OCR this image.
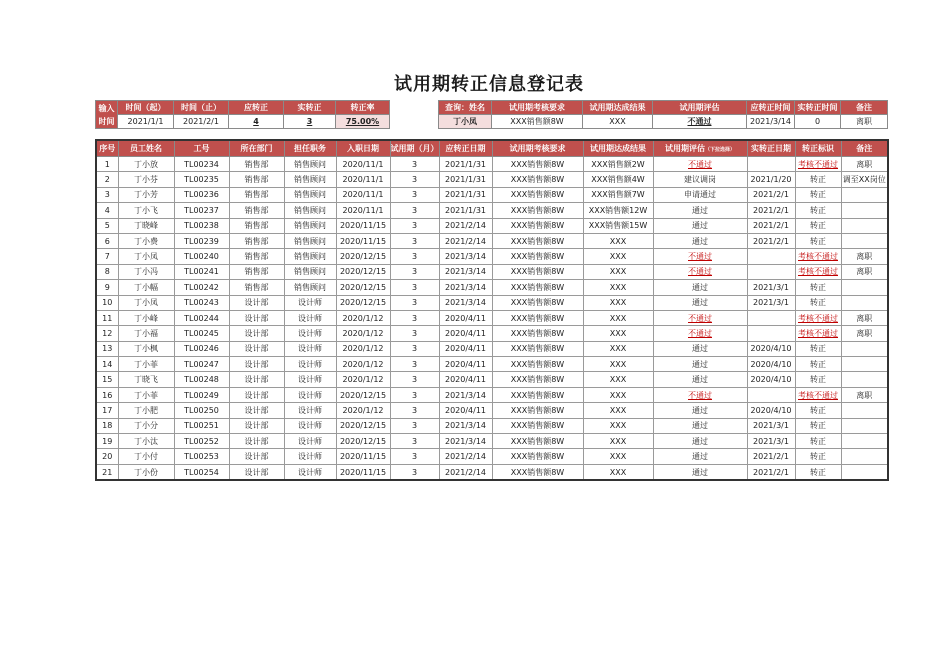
试用期转正信息登记表
输入时间	时间（起）	时间（止）	应转正	实转正	转正率		查询：姓名	试用期考核要求	试用期达成结果	试用期评估	应转正时间	实转正时间	备注
	2021/1/1	2021/2/1	4	3	75.00%		丁小凤	XXX销售额8W	XXX	不通过	2021/3/14	0	离职
序号	员工姓名	工号	所在部门	担任职务	入职日期	试用期（月）	应转正日期	试用期考核要求	试用期达成结果	试用期评估（下拉选择）	实转正日期	转正标识	备注
1	丁小放	TL00234	销售部	销售顾问	2020/11/1	3	2021/1/31	XXX销售额8W	XXX销售额2W	不通过		考核不通过	离职
2	丁小芬	TL00235	销售部	销售顾问	2020/11/1	3	2021/1/31	XXX销售额8W	XXX销售额4W	建议调岗	2021/1/20	转正	调至XX岗位
3	丁小芳	TL00236	销售部	销售顾问	2020/11/1	3	2021/1/31	XXX销售额8W	XXX销售额7W	申请通过	2021/2/1	转正	
4	丁小飞	TL00237	销售部	销售顾问	2020/11/1	3	2021/1/31	XXX销售额8W	XXX销售额12W	通过	2021/2/1	转正	
5	丁晓峰	TL00238	销售部	销售顾问	2020/11/15	3	2021/2/14	XXX销售额8W	XXX销售额15W	通过	2021/2/1	转正	
6	丁小费	TL00239	销售部	销售顾问	2020/11/15	3	2021/2/14	XXX销售额8W	XXX	通过	2021/2/1	转正	
7	丁小凤	TL00240	销售部	销售顾问	2020/12/15	3	2021/3/14	XXX销售额8W	XXX	不通过		考核不通过	离职
8	丁小冯	TL00241	销售部	销售顾问	2020/12/15	3	2021/3/14	XXX销售额8W	XXX	不通过		考核不通过	离职
9	丁小幅	TL00242	销售部	销售顾问	2020/12/15	3	2021/3/14	XXX销售额8W	XXX	通过	2021/3/1	转正	
10	丁小凤	TL00243	设计部	设计师	2020/12/15	3	2021/3/14	XXX销售额8W	XXX	通过	2021/3/1	转正	
11	丁小峰	TL00244	设计部	设计师	2020/1/12	3	2020/4/11	XXX销售额8W	XXX	不通过		考核不通过	离职
12	丁小福	TL00245	设计部	设计师	2020/1/12	3	2020/4/11	XXX销售额8W	XXX	不通过		考核不通过	离职
13	丁小枫	TL00246	设计部	设计师	2020/1/12	3	2020/4/11	XXX销售额8W	XXX	通过	2020/4/10	转正	
14	丁小菲	TL00247	设计部	设计师	2020/1/12	3	2020/4/11	XXX销售额8W	XXX	通过	2020/4/10	转正	
15	丁晓飞	TL00248	设计部	设计师	2020/1/12	3	2020/4/11	XXX销售额8W	XXX	通过	2020/4/10	转正	
16	丁小菲	TL00249	设计部	设计师	2020/12/15	3	2021/3/14	XXX销售额8W	XXX	不通过		考核不通过	离职
17	丁小肥	TL00250	设计部	设计师	2020/1/12	3	2020/4/11	XXX销售额8W	XXX	通过	2020/4/10	转正	
18	丁小分	TL00251	设计部	设计师	2020/12/15	3	2021/3/14	XXX销售额8W	XXX	通过	2021/3/1	转正	
19	丁小汰	TL00252	设计部	设计师	2020/12/15	3	2021/3/14	XXX销售额8W	XXX	通过	2021/3/1	转正	
20	丁小付	TL00253	设计部	设计师	2020/11/15	3	2021/2/14	XXX销售额8W	XXX	通过	2021/2/1	转正	
21	丁小份	TL00254	设计部	设计师	2020/11/15	3	2021/2/14	XXX销售额8W	XXX	通过	2021/2/1	转正	
